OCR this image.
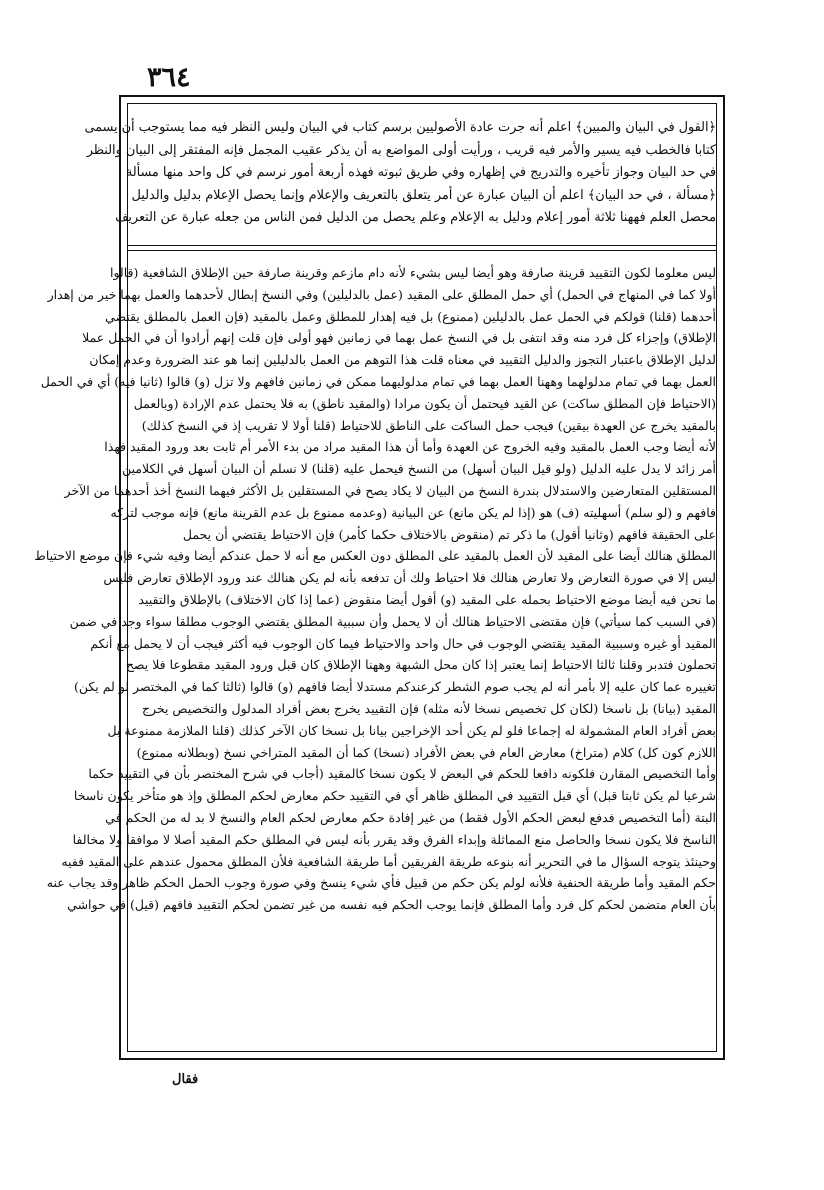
٣٦٤
﴿القول في البيان والمبين﴾ اعلم أنه جرت عادة الأصوليين برسم كتاب في البيان وليس النظر فيه مما يستوجب أن يسمى
كتابا فالخطب فيه يسير والأمر فيه قريب ، ورأيت أولى المواضع به أن يذكر عقيب المجمل فإنه المفتقر إلى البيان والنظر
في حد البيان وجواز تأخيره والتدريج في إظهاره وفي طريق ثبوته فهذه أربعة أمور نرسم في كل واحد منها مسألة
﴿مسألة ، في حد البيان﴾ اعلم أن البيان عبارة عن أمر يتعلق بالتعريف والإعلام وإنما يحصل الإعلام بدليل والدليل
محصل العلم فههنا ثلاثة أمور إعلام ودليل به الإعلام وعلم يحصل من الدليل فمن الناس من جعله عبارة عن التعريف
ليس معلوما لكون التقييد قرينة صارفة وهو أيضا ليس بشيء لأنه دام مازعم وقرينة صارفة حين الإطلاق الشافعية (قالوا
أولا كما في المنهاج في الحمل) أي حمل المطلق على المقيد (عمل بالدليلين) وفي النسخ إبطال لأحدهما والعمل بهما خير من إهدار
أحدهما (قلنا) قولكم في الحمل عمل بالدليلين (ممنوع) بل فيه إهدار للمطلق وعمل بالمقيد (فإن العمل بالمطلق يقتضي
الإطلاق) وإجزاء كل فرد منه وقد انتفى بل في النسخ عمل بهما في زمانين فهو أولى فإن قلت إنهم أرادوا أن في الحمل عملا
لدليل الإطلاق باعتبار التجوز والدليل التقييد في معناه قلت هذا التوهم من العمل بالدليلين إنما هو عند الضرورة وعدم إمكان
العمل بهما في تمام مدلولهما وههنا العمل بهما في تمام مدلوليهما ممكن في زمانين فافهم ولا تزل (و) قالوا (ثانيا فيه) أي في الحمل
(الاحتياط فإن المطلق ساكت) عن القيد فيحتمل أن يكون مرادا (والمقيد ناطق) به فلا يحتمل عدم الإرادة (وبالعمل
بالمقيد يخرج عن العهدة بيقين) فيجب حمل الساكت على الناطق للاحتياط (قلنا أولا لا تقريب إذ في النسخ كذلك)
لأنه أيضا وجب العمل بالمقيد وفيه الخروج عن العهدة وأما أن هذا المقيد مراد من بدء الأمر أم ثابت بعد ورود المقيد فهذا
أمر زائد لا يدل عليه الدليل (ولو قيل البيان أسهل) من النسخ فيحمل عليه (قلنا) لا نسلم أن البيان أسهل في الكلامين
المستقلين المتعارضين والاستدلال بندرة النسخ من البيان لا يكاد يصح في المستقلين بل الأكثر فيهما النسخ أخذ أحدهما من الآخر
فافهم و (لو سلم) أسهليته (ف) هو (إذا لم يكن مانع) عن البيانية (وعدمه ممنوع بل عدم القرينة مانع) فإنه موجب لتركه
على الحقيقة فافهم (وثانيا أقول) ما ذكر تم (منقوض بالاختلاف حكما كأمر) فإن الاحتياط يقتضي أن يحمل
المطلق هنالك أيضا على المقيد لأن العمل بالمقيد على المطلق دون العكس مع أنه لا حمل عندكم أيضا وفيه شيء فإن موضع الاحتياط
ليس إلا في صورة التعارض ولا تعارض هنالك فلا احتياط ولك أن تدفعه بأنه لم يكن هنالك عند ورود الإطلاق تعارض فليس
ما نحن فيه أيضا موضع الاحتياط بحمله على المقيد (و) أقول أيضا منقوض (عما إذا كان الاختلاف) بالإطلاق والتقييد
(في السبب كما سيأتي) فإن مقتضى الاحتياط هنالك أن لا يحمل وأن سببية المطلق يقتضي الوجوب مطلقا سواء وجد في ضمن
المقيد أو غيره وسببية المقيد يقتضي الوجوب في حال واحد والاحتياط فيما كان الوجوب فيه أكثر فيجب أن لا يحمل مع أنكم
تحملون فتدبر وقلنا ثالثا الاحتياط إنما يعتبر إذا كان محل الشبهة وههنا الإطلاق كان قبل ورود المقيد مقطوعا فلا يصح
تغييره عما كان عليه إلا بأمر أنه لم يجب صوم الشطر كرعندكم مستدلا أيضا فافهم (و) قالوا (ثالثا كما في المختصر لو لم يكن)
المقيد (بيانا) بل ناسخا (لكان كل تخصيص نسخا لأنه مثله) فإن التقييد يخرج بعض أفراد المدلول والتخصيص يخرج
بعض أفراد العام المشمولة له إجماعا فلو لم يكن أحد الإخراجين بيانا بل نسخا كان الآخر كذلك (قلنا الملازمة ممنوعة بل
اللازم كون كل) كلام (متراخ) معارض العام في بعض الأفراد (نسخا) كما أن المقيد المتراخي نسخ (وبطلانه ممنوع)
وأما التخصيص المقارن فلكونه دافعا للحكم في البعض لا يكون نسخا كالمقيد (أجاب في شرح المختصر بأن في التقييد حكما
شرعيا لم يكن ثابتا قبل) أي قبل التقييد في المطلق ظاهر أي في التقييد حكم معارض لحكم المطلق وإذ هو متأخر يكون ناسخا
البتة (أما التخصيص فدفع لبعض الحكم الأول فقط) من غير إفادة حكم معارض لحكم العام والنسخ لا بد له من الحكم في
الناسخ فلا يكون نسخا والحاصل منع المماثلة وإبداء الفرق وقد يقرر بأنه ليس في المطلق حكم المقيد أصلا لا موافقا ولا مخالفا
وحينئذ يتوجه السؤال ما في التحرير أنه بنوعه طريقة الفريقين أما طريقة الشافعية فلأن المطلق محمول عندهم على المقيد ففيه
حكم المقيد وأما طريقة الحنفية فلأنه لولم يكن حكم من قبيل فأي شيء ينسخ وفي صورة وجوب الحمل الحكم ظاهر وقد يجاب عنه
بأن العام متضمن لحكم كل فرد وأما المطلق فإنما يوجب الحكم فيه نفسه من غير تضمن لحكم التقييد فافهم (قيل) في حواشي
فقال
